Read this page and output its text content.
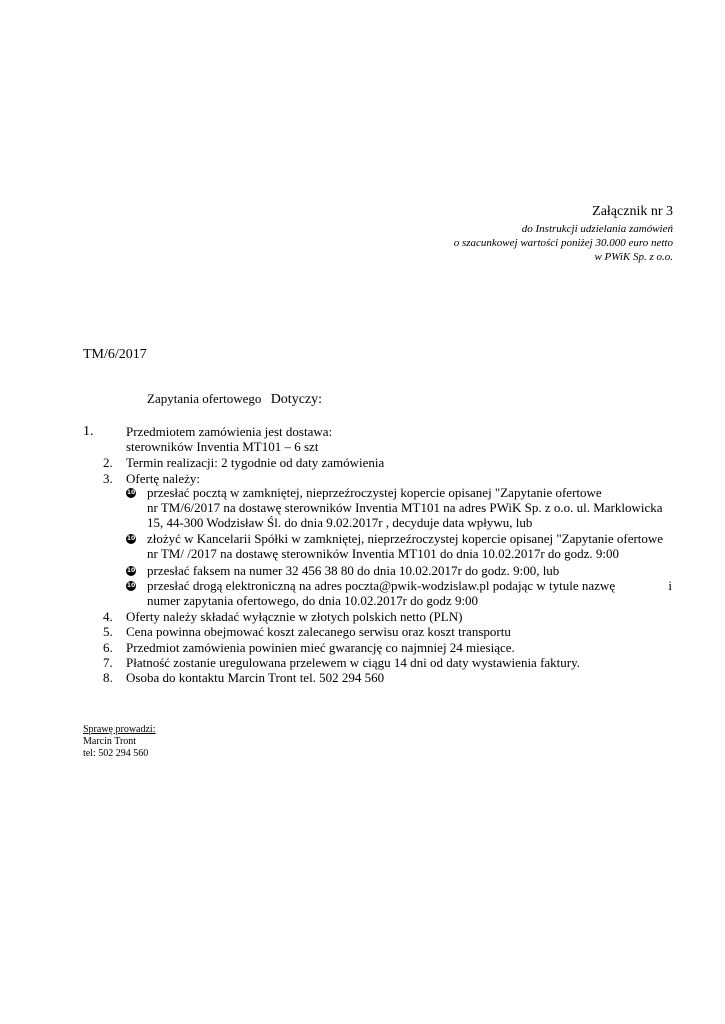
Załącznik nr 3
do Instrukcji udzielania zamówień
o szacunkowej wartości poniżej 30.000 euro netto
w PWiK Sp. z o.o.
TM/6/2017
Zapytania ofertowego Dotyczy:
1.	Przedmiotem zamówienia jest dostawa:
sterowników Inventia MT101 – 6 szt
2. Termin realizacji: 2 tygodnie od daty zamówienia
3. Ofertę należy:
10 przesłać pocztą w zamkniętej, nieprzeźroczystej kopercie opisanej "Zapytanie ofertowe
nr TM/6/2017 na dostawę sterowników Inventia MT101 na adres PWiK Sp. z o.o. ul. Marklowicka
15, 44-300 Wodzisław Śl. do dnia 9.02.2017r , decyduje data wpływu, lub
10 złożyć w Kancelarii Spółki w zamkniętej, nieprzeźroczystej kopercie opisanej "Zapytanie ofertowe
nr TM/ /2017 na dostawę sterowników Inventia MT101 do dnia 10.02.2017r do godz. 9:00
10 przesłać faksem na numer 32 456 38 80 do dnia 10.02.2017r do godz. 9:00, lub
10 przesłać drogą elektroniczną na adres poczta@pwik-wodzislaw.pl podając w tytule nazwę	i
numer zapytania ofertowego, do dnia 10.02.2017r do godz 9:00
4. Oferty należy składać wyłącznie w złotych polskich netto (PLN)
5. Cena powinna obejmować koszt zalecanego serwisu oraz koszt transportu
6. Przedmiot zamówienia powinien mieć gwarancję co najmniej 24 miesiące.
7. Płatność zostanie uregulowana przelewem w ciągu 14 dni od daty wystawienia faktury.
8. Osoba do kontaktu Marcin Tront tel. 502 294 560
Sprawę prowadzi:
Marcin Tront
tel: 502 294 560
